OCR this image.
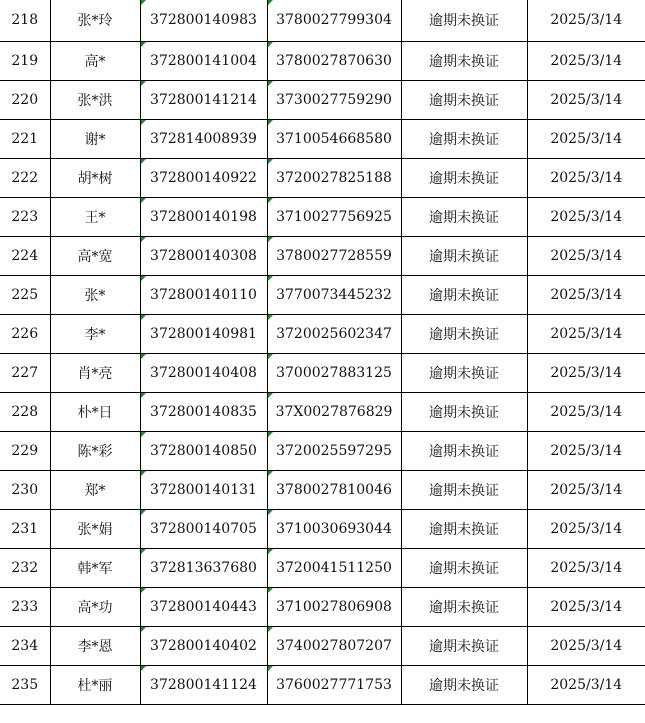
218	张*玲	372800140983	3780027799304	逾期未换证	2025/3/14
219	高*	372800141004	3780027870630	逾期未换证	2025/3/14
220	张*洪	372800141214	3730027759290	逾期未换证	2025/3/14
221	谢*	372814008939	3710054668580	逾期未换证	2025/3/14
222	胡*树	372800140922	3720027825188	逾期未换证	2025/3/14
223	王*	372800140198	3710027756925	逾期未换证	2025/3/14
224	高*宽	372800140308	3780027728559	逾期未换证	2025/3/14
225	张*	372800140110	3770073445232	逾期未换证	2025/3/14
226	李*	372800140981	3720025602347	逾期未换证	2025/3/14
227	肖*亮	372800140408	3700027883125	逾期未换证	2025/3/14
228	朴*日	372800140835	37X0027876829	逾期未换证	2025/3/14
229	陈*彩	372800140850	3720025597295	逾期未换证	2025/3/14
230	郑*	372800140131	3780027810046	逾期未换证	2025/3/14
231	张*娟	372800140705	3710030693044	逾期未换证	2025/3/14
232	韩*军	372813637680	3720041511250	逾期未换证	2025/3/14
233	高*功	372800140443	3710027806908	逾期未换证	2025/3/14
234	李*恩	372800140402	3740027807207	逾期未换证	2025/3/14
235	杜*丽	372800141124	3760027771753	逾期未换证	2025/3/14
